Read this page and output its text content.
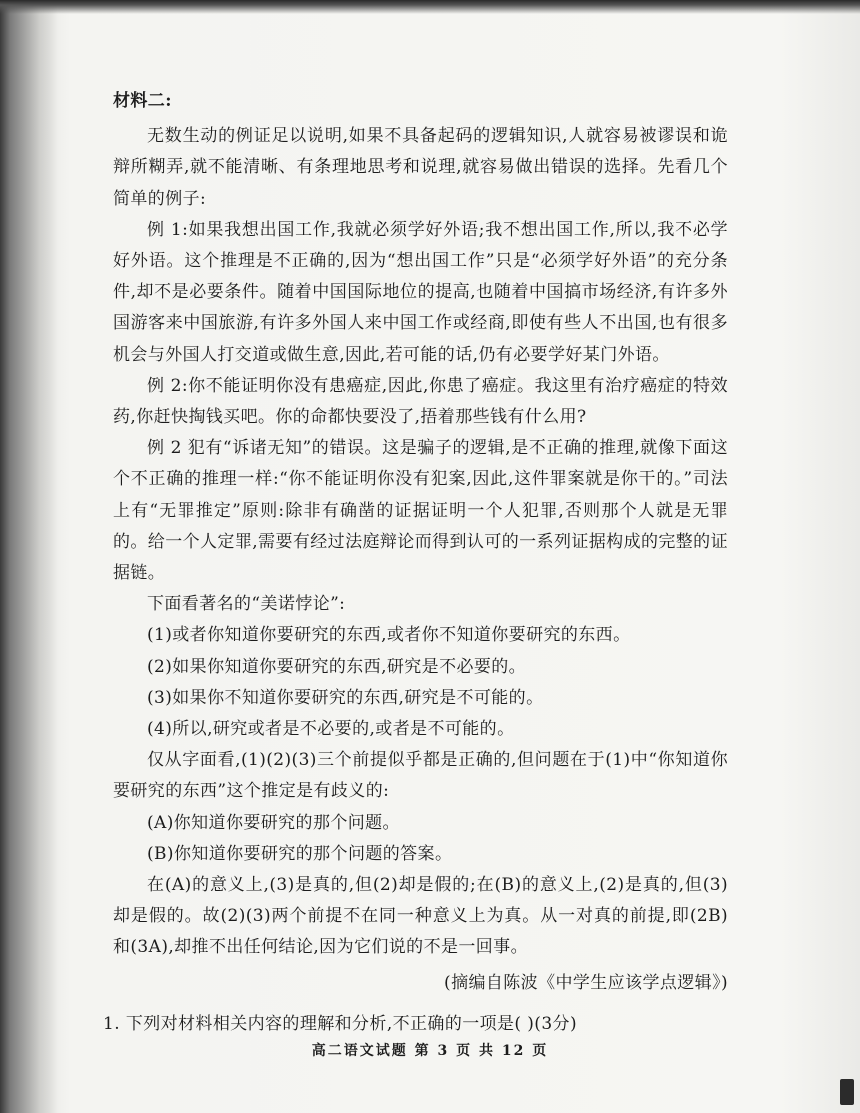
材料二:

无数生动的例证足以说明,如果不具备起码的逻辑知识,人就容易被谬误和诡辩所糊弄,就不能清晰、有条理地思考和说理,就容易做出错误的选择。先看几个简单的例子:

例 1:如果我想出国工作,我就必须学好外语;我不想出国工作,所以,我不必学好外语。这个推理是不正确的,因为“想出国工作”只是“必须学好外语”的充分条件,却不是必要条件。随着中国国际地位的提高,也随着中国搞市场经济,有许多外国游客来中国旅游,有许多外国人来中国工作或经商,即使有些人不出国,也有很多机会与外国人打交道或做生意,因此,若可能的话,仍有必要学好某门外语。

例 2:你不能证明你没有患癌症,因此,你患了癌症。我这里有治疗癌症的特效药,你赶快掏钱买吧。你的命都快要没了,捂着那些钱有什么用?

例 2 犯有“诉诸无知”的错误。这是骗子的逻辑,是不正确的推理,就像下面这个不正确的推理一样:“你不能证明你没有犯案,因此,这件罪案就是你干的。”司法上有“无罪推定”原则:除非有确凿的证据证明一个人犯罪,否则那个人就是无罪的。给一个人定罪,需要有经过法庭辩论而得到认可的一系列证据构成的完整的证据链。

下面看著名的“美诺悖论”:

(1)或者你知道你要研究的东西,或者你不知道你要研究的东西。
(2)如果你知道你要研究的东西,研究是不必要的。
(3)如果你不知道你要研究的东西,研究是不可能的。
(4)所以,研究或者是不必要的,或者是不可能的。

仅从字面看,(1)(2)(3)三个前提似乎都是正确的,但问题在于(1)中“你知道你要研究的东西”这个推定是有歧义的:

(A)你知道你要研究的那个问题。
(B)你知道你要研究的那个问题的答案。

在(A)的意义上,(3)是真的,但(2)却是假的;在(B)的意义上,(2)是真的,但(3)却是假的。故(2)(3)两个前提不在同一种意义上为真。从一对真的前提,即(2B)和(3A),却推不出任何结论,因为它们说的不是一回事。

(摘编自陈波《中学生应该学点逻辑》)
1. 下列对材料相关内容的理解和分析,不正确的一项是( )(3分)
高二语文试题 第 3 页 共 12 页
